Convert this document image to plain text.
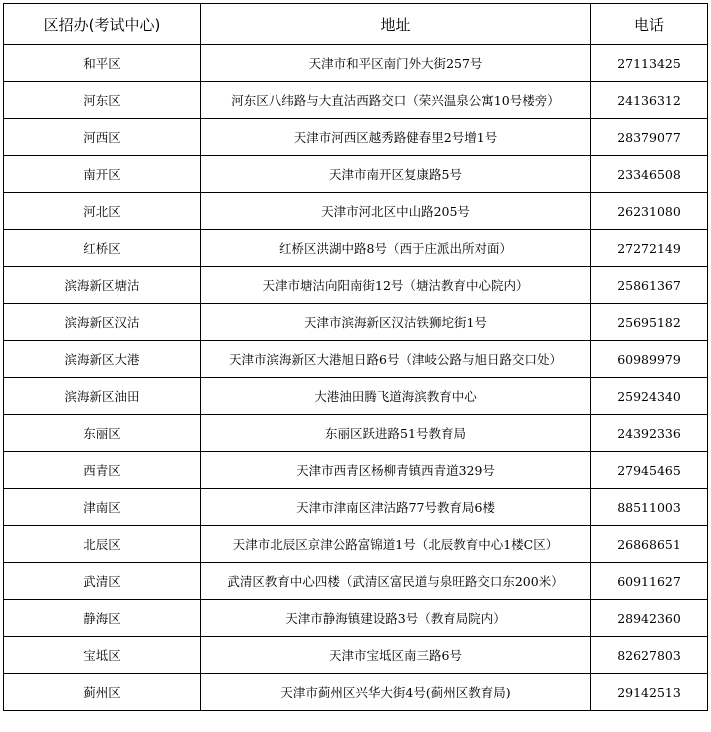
区招办(考试中心)	地址	电话
和平区	天津市和平区南门外大街257号	27113425
河东区	河东区八纬路与大直沽西路交口（荣兴温泉公寓10号楼旁）	24136312
河西区	天津市河西区越秀路健春里2号增1号	28379077
南开区	天津市南开区复康路5号	23346508
河北区	天津市河北区中山路205号	26231080
红桥区	红桥区洪湖中路8号（西于庄派出所对面）	27272149
滨海新区塘沽	天津市塘沽向阳南街12号（塘沽教育中心院内）	25861367
滨海新区汉沽	天津市滨海新区汉沽铁狮坨街1号	25695182
滨海新区大港	天津市滨海新区大港旭日路6号（津岐公路与旭日路交口处）	60989979
滨海新区油田	大港油田腾飞道海滨教育中心	25924340
东丽区	东丽区跃进路51号教育局	24392336
西青区	天津市西青区杨柳青镇西青道329号	27945465
津南区	天津市津南区津沽路77号教育局6楼	88511003
北辰区	天津市北辰区京津公路富锦道1号（北辰教育中心1楼C区）	26868651
武清区	武清区教育中心四楼（武清区富民道与泉旺路交口东200米）	60911627
静海区	天津市静海镇建设路3号（教育局院内）	28942360
宝坻区	天津市宝坻区南三路6号	82627803
蓟州区	天津市蓟州区兴华大街4号(蓟州区教育局)	29142513
